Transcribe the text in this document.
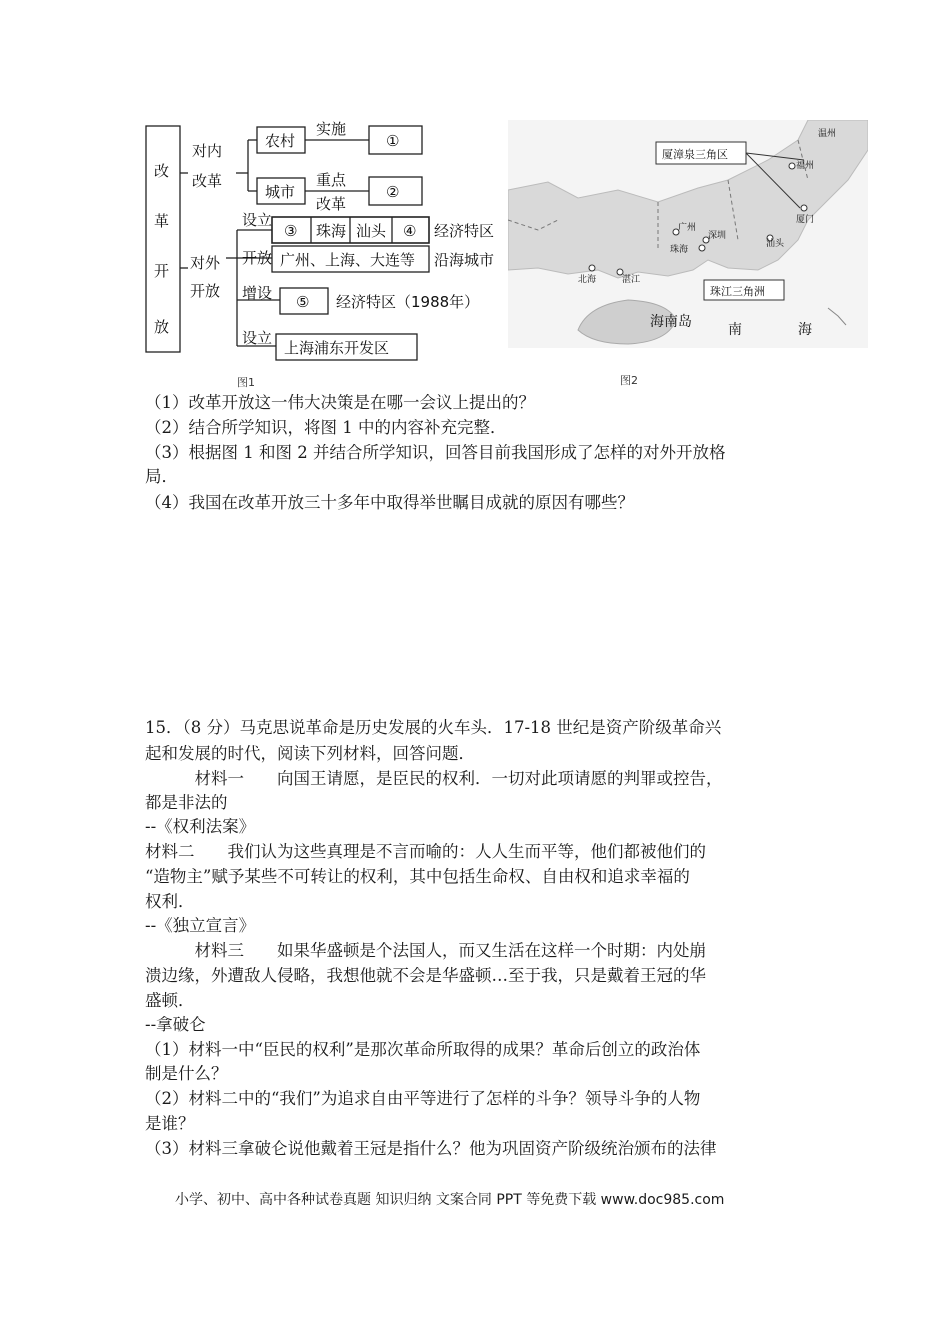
改
革
开
放
对内
改革
对外
开放
农村
实施
①
城市
重点
改革
②
设立
③ 珠海 汕头 ④ 经济特区
开放 广州、上海、大连等 沿海城市
增设 ⑤ 经济特区（1988年）
设立
上海浦东开发区
图1
厦漳泉三角区
珠江三角洲
温州
福州
厦门
广州
深圳
珠海
汕头
北海	湛江
海南岛	南	海
图2
（1）改革开放这一伟大决策是在哪一会议上提出的？
（2）结合所学知识，将图 1 中的内容补充完整．
（3）根据图 1 和图 2 并结合所学知识，回答目前我国形成了怎样的对外开放格
局．
（4）我国在改革开放三十多年中取得举世瞩目成就的原因有哪些？
15．（8 分）马克思说革命是历史发展的火车头．17-18 世纪是资产阶级革命兴
起和发展的时代，阅读下列材料，回答问题．
　　　材料一　　向国王请愿，是臣民的权利．一切对此项请愿的判罪或控告，
都是非法的
--《权利法案》
材料二　　我们认为这些真理是不言而喻的：人人生而平等，他们都被他们的
“造物主”赋予某些不可转让的权利，其中包括生命权、自由权和追求幸福的
权利．
--《独立宣言》
　　　材料三　　如果华盛顿是个法国人，而又生活在这样一个时期：内处崩
溃边缘，外遭敌人侵略，我想他就不会是华盛顿…至于我，只是戴着王冠的华
盛顿．
--拿破仑
（1）材料一中“臣民的权利”是那次革命所取得的成果？革命后创立的政治体
制是什么？
（2）材料二中的“我们”为追求自由平等进行了怎样的斗争？领导斗争的人物
是谁？
（3）材料三拿破仑说他戴着王冠是指什么？他为巩固资产阶级统治颁布的法律
小学、初中、高中各种试卷真题 知识归纳 文案合同 PPT 等免费下载 www.doc985.com
